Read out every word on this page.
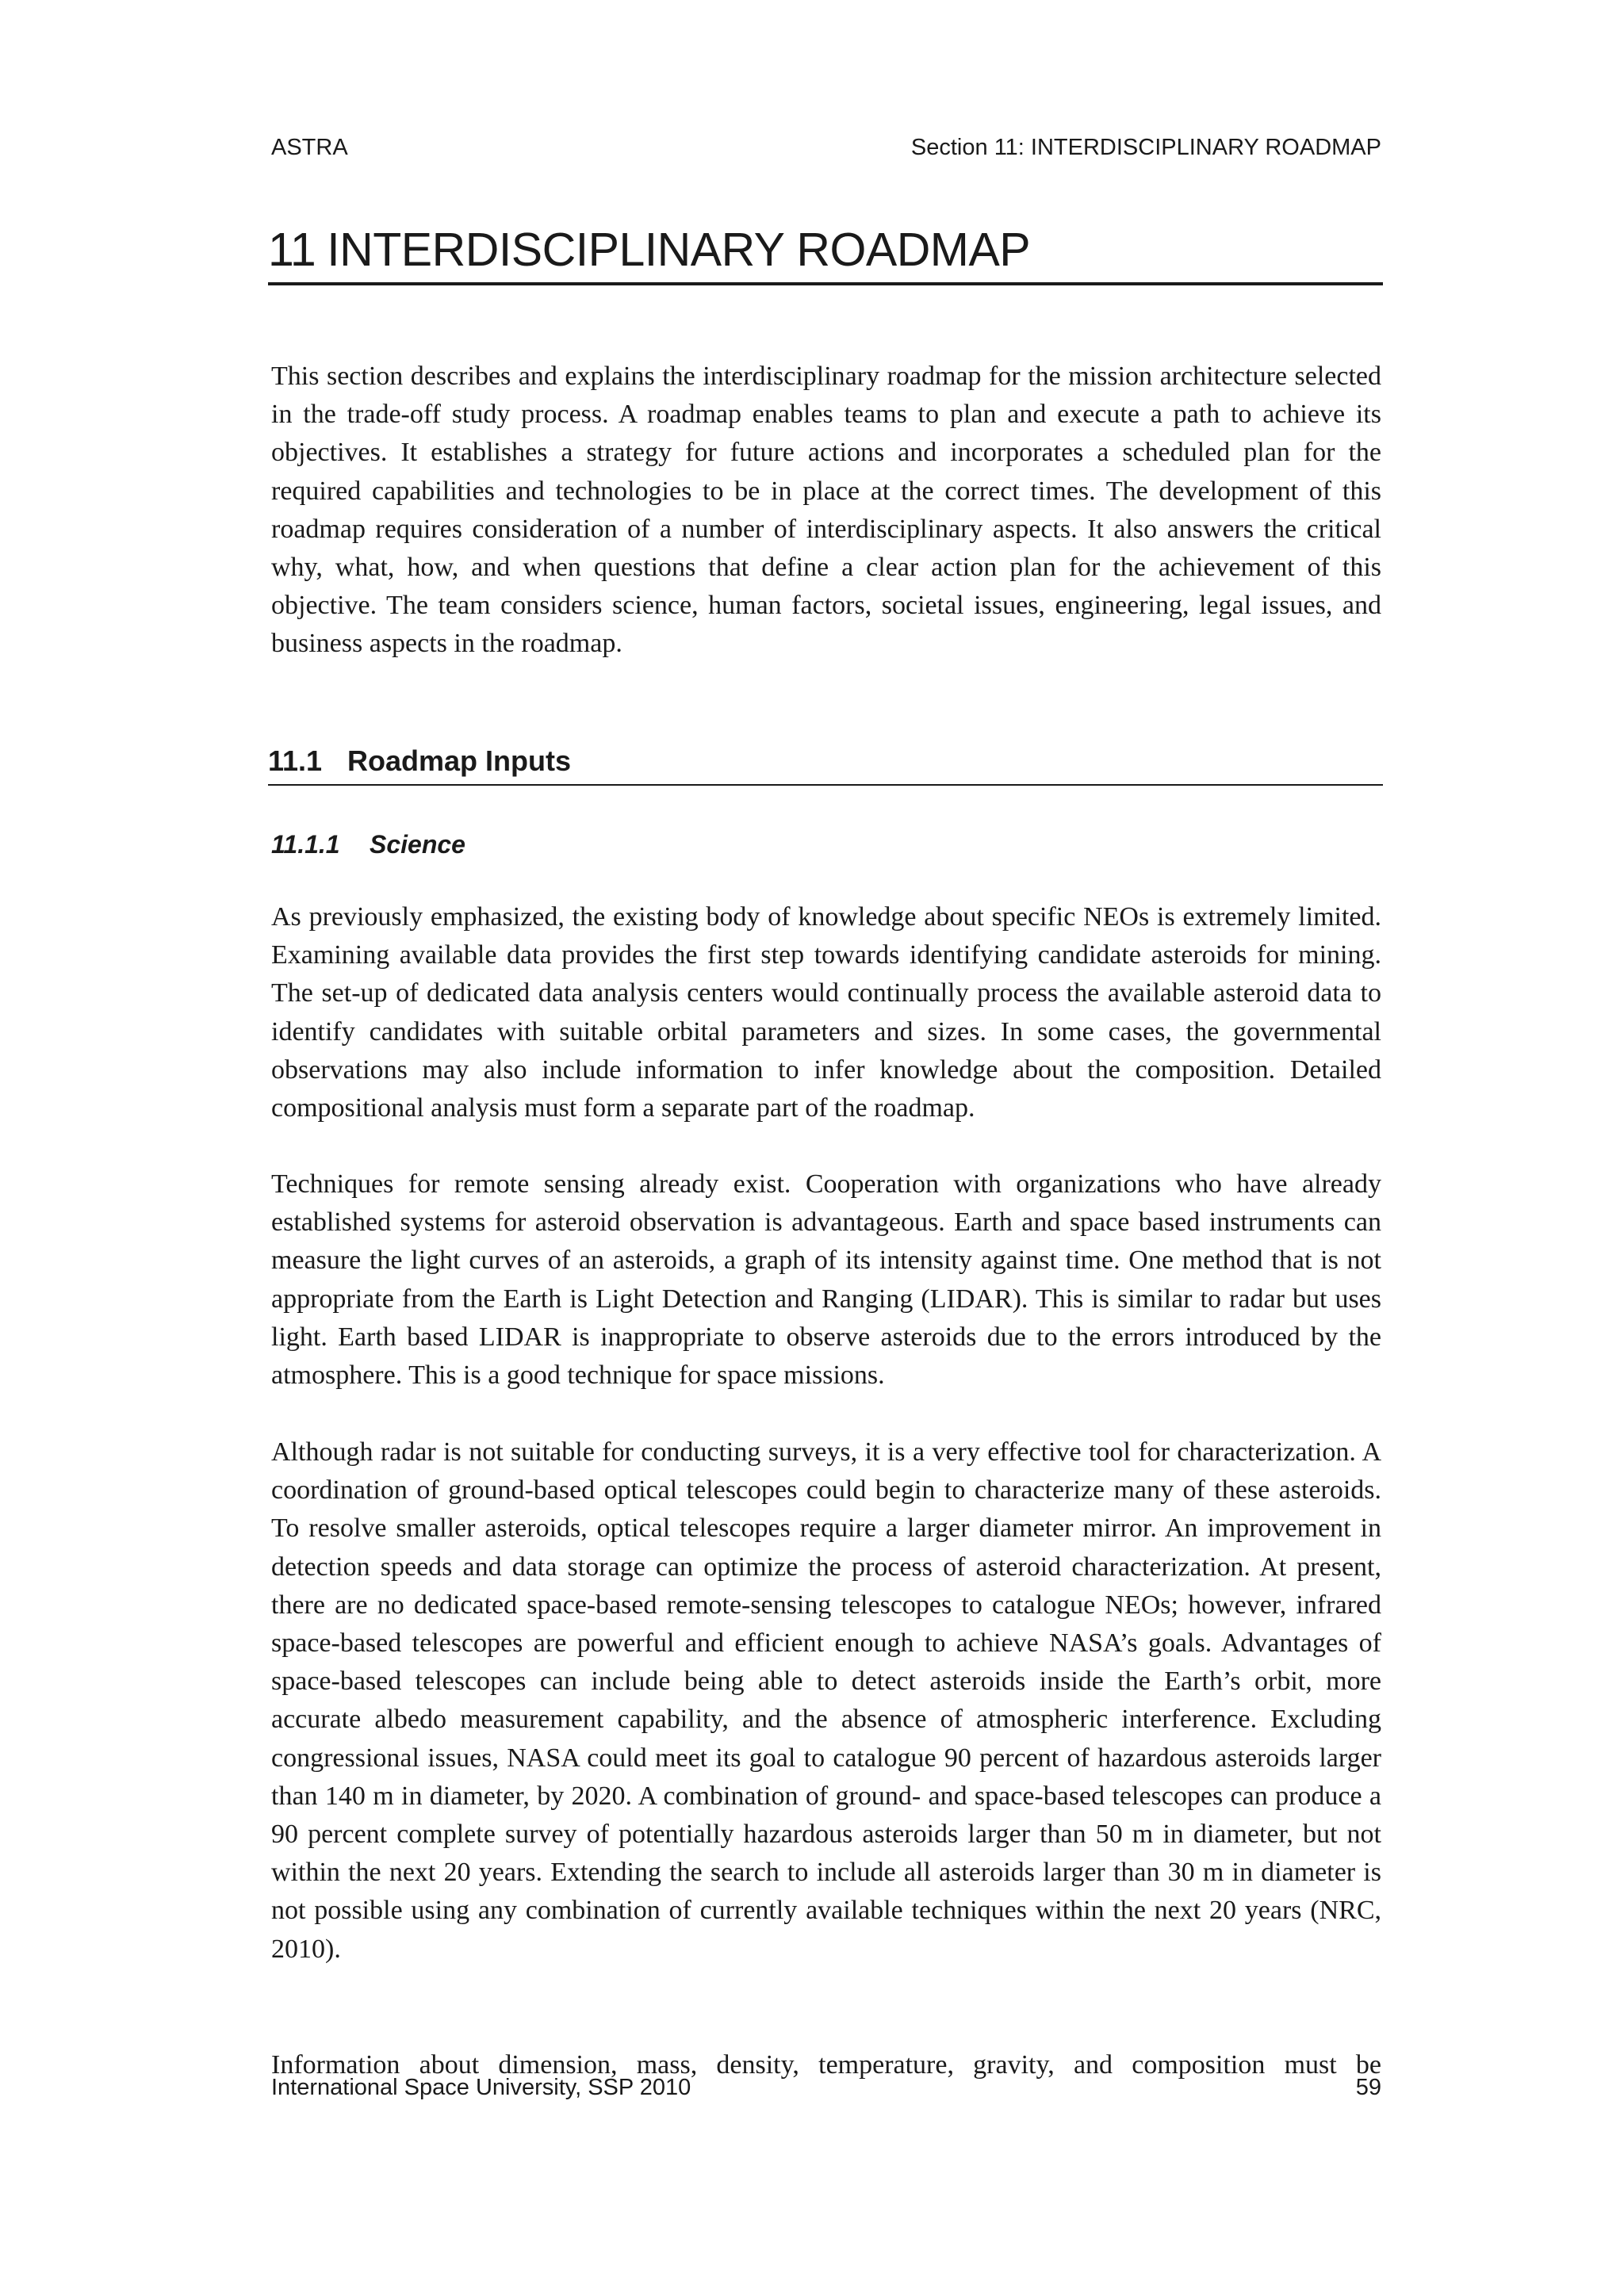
ASTRA	Section 11: INTERDISCIPLINARY ROADMAP
11 INTERDISCIPLINARY ROADMAP

This section describes and explains the interdisciplinary roadmap for the mission architecture selected in the trade-off study process. A roadmap enables teams to plan and execute a path to achieve its objectives. It establishes a strategy for future actions and incorporates a scheduled plan for the required capabilities and technologies to be in place at the correct times. The development of this roadmap requires consideration of a number of interdisciplinary aspects. It also answers the critical why, what, how, and when questions that define a clear action plan for the achievement of this objective. The team considers science, human factors, societal issues, engineering, legal issues, and business aspects in the roadmap.

11.1 Roadmap Inputs
11.1.1 Science

As previously emphasized, the existing body of knowledge about specific NEOs is extremely limited. Examining available data provides the first step towards identifying candidate asteroids for mining. The set-up of dedicated data analysis centers would continually process the available asteroid data to identify candidates with suitable orbital parameters and sizes. In some cases, the governmental observations may also include information to infer knowledge about the composition. Detailed compositional analysis must form a separate part of the roadmap.

Techniques for remote sensing already exist. Cooperation with organizations who have already established systems for asteroid observation is advantageous. Earth and space based instruments can measure the light curves of an asteroids, a graph of its intensity against time. One method that is not appropriate from the Earth is Light Detection and Ranging (LIDAR). This is similar to radar but uses light. Earth based LIDAR is inappropriate to observe asteroids due to the errors introduced by the atmosphere. This is a good technique for space missions.

Although radar is not suitable for conducting surveys, it is a very effective tool for characterization. A coordination of ground-based optical telescopes could begin to characterize many of these asteroids. To resolve smaller asteroids, optical telescopes require a larger diameter mirror. An improvement in detection speeds and data storage can optimize the process of asteroid characterization. At present, there are no dedicated space-based remote-sensing telescopes to catalogue NEOs; however, infrared space-based telescopes are powerful and efficient enough to achieve NASA’s goals. Advantages of space-based telescopes can include being able to detect asteroids inside the Earth’s orbit, more accurate albedo measurement capability, and the absence of atmospheric interference. Excluding congressional issues, NASA could meet its goal to catalogue 90 percent of hazardous asteroids larger than 140 m in diameter, by 2020. A combination of ground- and space-based telescopes can produce a 90 percent complete survey of potentially hazardous asteroids larger than 50 m in diameter, but not within the next 20 years. Extending the search to include all asteroids larger than 30 m in diameter is not possible using any combination of currently available techniques within the next 20 years (NRC, 2010).

Information about dimension, mass, density, temperature, gravity, and composition must be

International Space University, SSP 2010	59
